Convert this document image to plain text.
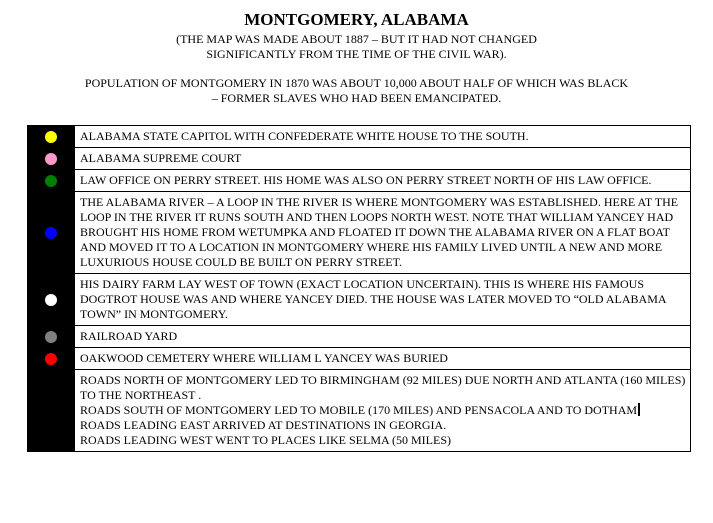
MONTGOMERY, ALABAMA

(THE MAP WAS MADE ABOUT 1887 – BUT IT HAD NOT CHANGED
SIGNIFICANTLY FROM THE TIME OF THE CIVIL WAR).

POPULATION OF MONTGOMERY IN 1870 WAS ABOUT 10,000 ABOUT HALF OF WHICH WAS BLACK
– FORMER SLAVES WHO HAD BEEN EMANCIPATED.

	ALABAMA STATE CAPITOL WITH CONFEDERATE WHITE HOUSE TO THE SOUTH.

	ALABAMA SUPREME COURT

	LAW OFFICE ON PERRY STREET. HIS HOME WAS ALSO ON PERRY STREET NORTH OF HIS LAW OFFICE.

	THE ALABAMA RIVER – A LOOP IN THE RIVER IS WHERE MONTGOMERY WAS ESTABLISHED. HERE AT THE LOOP IN THE RIVER IT RUNS SOUTH AND THEN LOOPS NORTH WEST. NOTE THAT WILLIAM YANCEY HAD BROUGHT HIS HOME FROM WETUMPKA AND FLOATED IT DOWN THE ALABAMA RIVER ON A FLAT BOAT AND MOVED IT TO A LOCATION IN MONTGOMERY WHERE HIS FAMILY LIVED UNTIL A NEW AND MORE LUXURIOUS HOUSE COULD BE BUILT ON PERRY STREET.

	HIS DAIRY FARM LAY WEST OF TOWN (EXACT LOCATION UNCERTAIN). THIS IS WHERE HIS FAMOUS DOGTROT HOUSE WAS AND WHERE YANCEY DIED. THE HOUSE WAS LATER MOVED TO “OLD ALABAMA TOWN” IN MONTGOMERY.

	RAILROAD YARD

	OAKWOOD CEMETERY WHERE WILLIAM L YANCEY WAS BURIED

	ROADS NORTH OF MONTGOMERY LED TO BIRMINGHAM (92 MILES) DUE NORTH AND ATLANTA (160 MILES) TO THE NORTHEAST .
ROADS SOUTH OF MONTGOMERY LED TO MOBILE (170 MILES) AND PENSACOLA AND TO DOTHAM
ROADS LEADING EAST ARRIVED AT DESTINATIONS IN GEORGIA.
ROADS LEADING WEST WENT TO PLACES LIKE SELMA (50 MILES)
